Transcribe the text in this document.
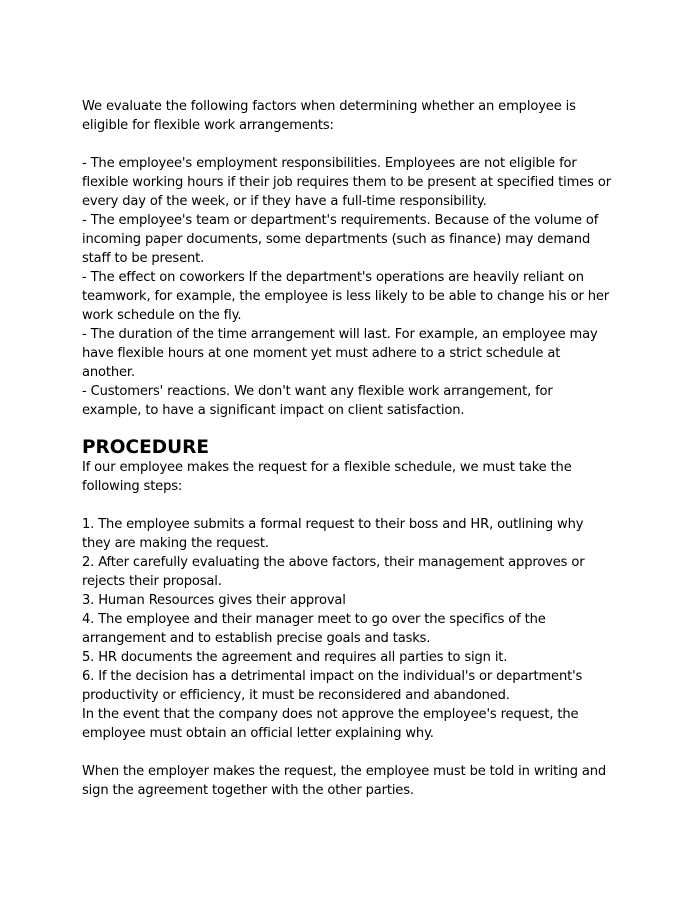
We evaluate the following factors when determining whether an employee is eligible for flexible work arrangements:

- The employee's employment responsibilities. Employees are not eligible for flexible working hours if their job requires them to be present at specified times or every day of the week, or if they have a full-time responsibility.

- The employee's team or department's requirements. Because of the volume of incoming paper documents, some departments (such as finance) may demand staff to be present.

- The effect on coworkers If the department's operations are heavily reliant on teamwork, for example, the employee is less likely to be able to change his or her work schedule on the fly.

- The duration of the time arrangement will last. For example, an employee may have flexible hours at one moment yet must adhere to a strict schedule at another.

- Customers' reactions. We don't want any flexible work arrangement, for example, to have a significant impact on client satisfaction.

PROCEDURE

If our employee makes the request for a flexible schedule, we must take the following steps:

1. The employee submits a formal request to their boss and HR, outlining why they are making the request.

2. After carefully evaluating the above factors, their management approves or rejects their proposal.

3. Human Resources gives their approval

4. The employee and their manager meet to go over the specifics of the arrangement and to establish precise goals and tasks.

5. HR documents the agreement and requires all parties to sign it.

6. If the decision has a detrimental impact on the individual's or department's productivity or efficiency, it must be reconsidered and abandoned.

In the event that the company does not approve the employee's request, the employee must obtain an official letter explaining why.

When the employer makes the request, the employee must be told in writing and sign the agreement together with the other parties.
